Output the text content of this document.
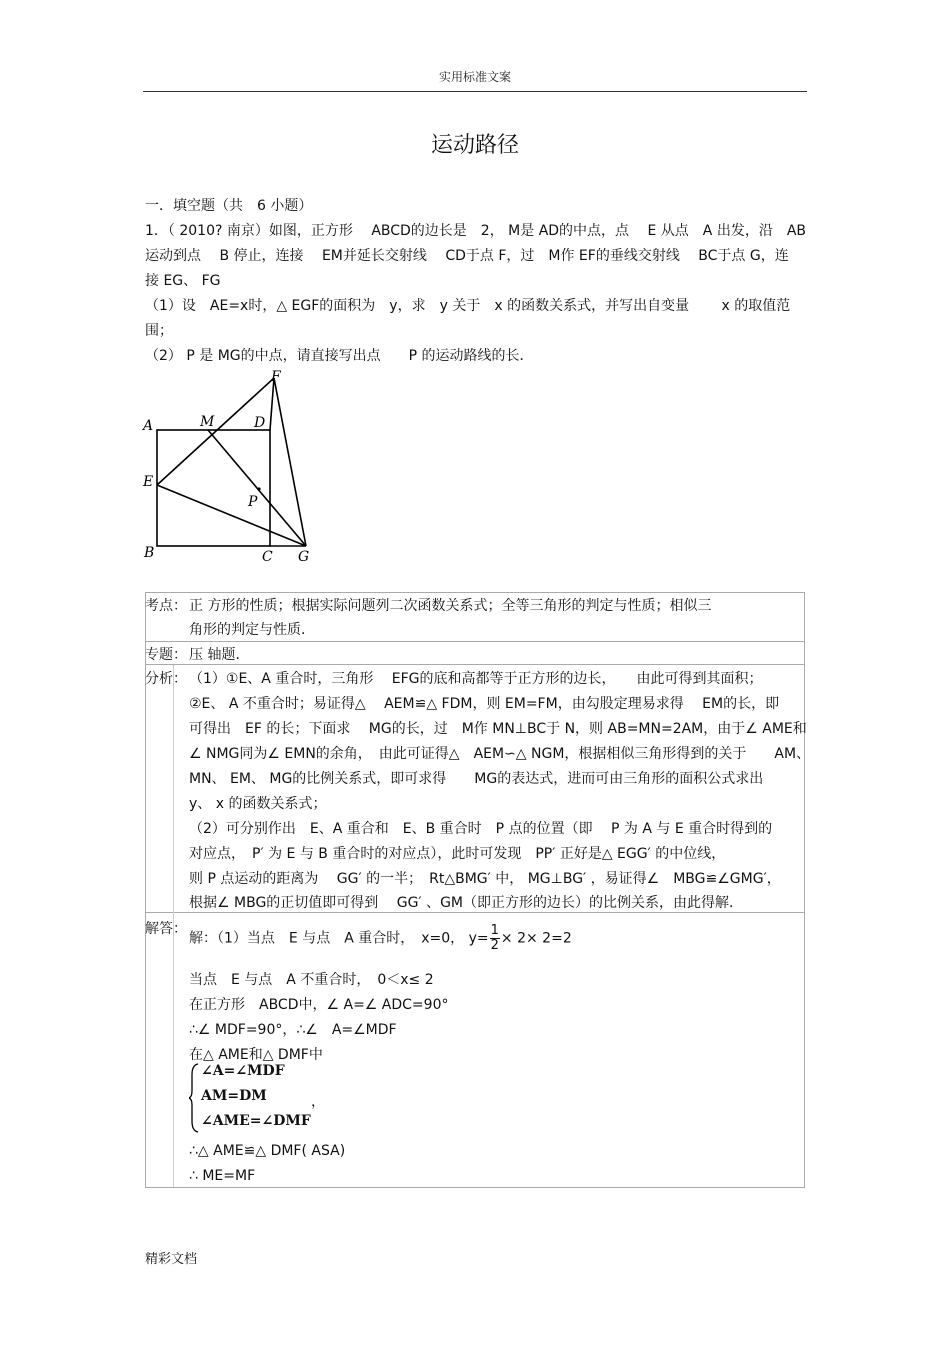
实用标准文案
运动路径
一．填空题（共　6 小题）
1．（ 2010? 南京）如图，正方形　 ABCD的边长是　2， M是 AD的中点，点　 E 从点　A 出发，沿　AB
运动到点　 B 停止，连接　 EM并延长交射线　 CD于点 F，过　M作 EF的垂线交射线　 BC于点 G，连
接 EG、 FG
（1）设　AE=x时，△ EGF的面积为　y，求　y 关于　x 的函数关系式，并写出自变量　　 x 的取值范
围；
（2） P 是 MG的中点，请直接写出点　　P 的运动路线的长．
A	M	D
F
E
P
B	C G
考点： 正 方形的性质；根据实际问题列二次函数关系式；全等三角形的判定与性质；相似三
角形的判定与性质．
专题： 压 轴题．
分析： （1）①E、A 重合时，三角形　 EFG的底和高都等于正方形的边长，　　由此可得到其面积；
②E、 A 不重合时；易证得△　 AEM≌△ FDM，则 EM=FM，由勾股定理易求得　 EM的长，即
可得出　EF 的长；下面求　 MG的长，过　M作 MN⊥BC于 N，则 AB=MN=2AM，由于∠ AME和
∠ NMG同为∠ EMN的余角，　由此可证得△　AEM∽△ NGM，根据相似三角形得到的关于　　AM、
MN、 EM、 MG的比例关系式，即可求得　　MG的表达式，进而可由三角形的面积公式求出
y、 x 的函数关系式；
（2）可分别作出　E、A 重合和　E、B 重合时　P 点的位置（即　 P 为 A 与 E 重合时得到的
对应点，　P′ 为 E 与 B 重合时的对应点），此时可发现　PP′ 正好是△ EGG′ 的中位线，
则 P 点运动的距离为　 GG′ 的一半；　Rt△BMG′ 中， MG⊥BG′ ，易证得∠　MBG≌∠GMG′，
根据∠ MBG的正切值即可得到　 GG′ 、GM（即正方形的边长）的比例关系，由此得解．
解答：
解：（1）当点　E 与点　A 重合时，　x=0， $y= \frac{1}{2} \times 2\times 2=2$
当点　E 与点　A 不重合时，　0＜x≤ 2
在正方形　ABCD中，∠ A=∠ ADC=90°
∴∠ MDF=90°，∴∠　A=∠MDF
在△ AME和△ DMF中
∠A=∠MDF
AM=DM
∠AME=∠DMF
，
∴△ AME≌△ DMF( ASA)
∴ ME=MF
精彩文档
